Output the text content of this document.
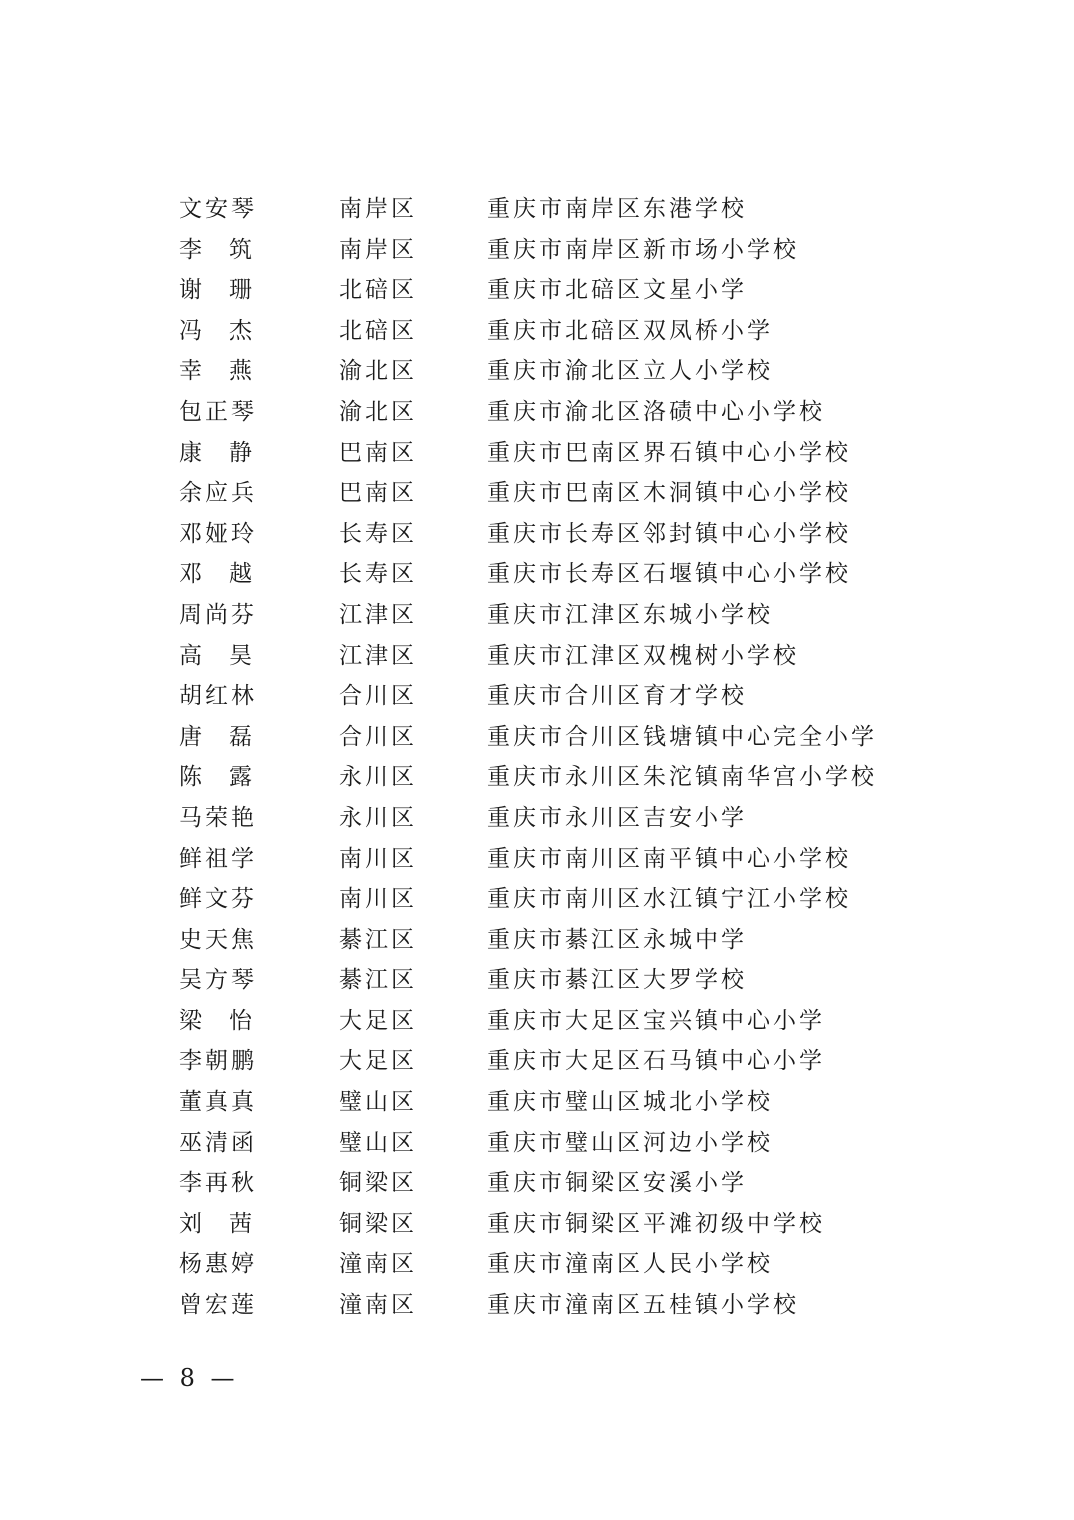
文安琴	南岸区	重庆市南岸区东港学校
李 筑	南岸区	重庆市南岸区新市场小学校
谢 珊	北碚区	重庆市北碚区文星小学
冯 杰	北碚区	重庆市北碚区双凤桥小学
幸 燕	渝北区	重庆市渝北区立人小学校
包正琴	渝北区	重庆市渝北区洛碛中心小学校
康 静	巴南区	重庆市巴南区界石镇中心小学校
余应兵	巴南区	重庆市巴南区木洞镇中心小学校
邓娅玲	长寿区	重庆市长寿区邻封镇中心小学校
邓 越	长寿区	重庆市长寿区石堰镇中心小学校
周尚芬	江津区	重庆市江津区东城小学校
高 昊	江津区	重庆市江津区双槐树小学校
胡红林	合川区	重庆市合川区育才学校
唐 磊	合川区	重庆市合川区钱塘镇中心完全小学
陈 露	永川区	重庆市永川区朱沱镇南华宫小学校
马荣艳	永川区	重庆市永川区吉安小学
鲜祖学	南川区	重庆市南川区南平镇中心小学校
鲜文芬	南川区	重庆市南川区水江镇宁江小学校
史天焦	綦江区	重庆市綦江区永城中学
吴方琴	綦江区	重庆市綦江区大罗学校
梁 怡	大足区	重庆市大足区宝兴镇中心小学
李朝鹏	大足区	重庆市大足区石马镇中心小学
董真真	璧山区	重庆市璧山区城北小学校
巫清函	璧山区	重庆市璧山区河边小学校
李再秋	铜梁区	重庆市铜梁区安溪小学
刘 茜	铜梁区	重庆市铜梁区平滩初级中学校
杨惠婷	潼南区	重庆市潼南区人民小学校
曾宏莲	潼南区	重庆市潼南区五桂镇小学校
— 8 —
